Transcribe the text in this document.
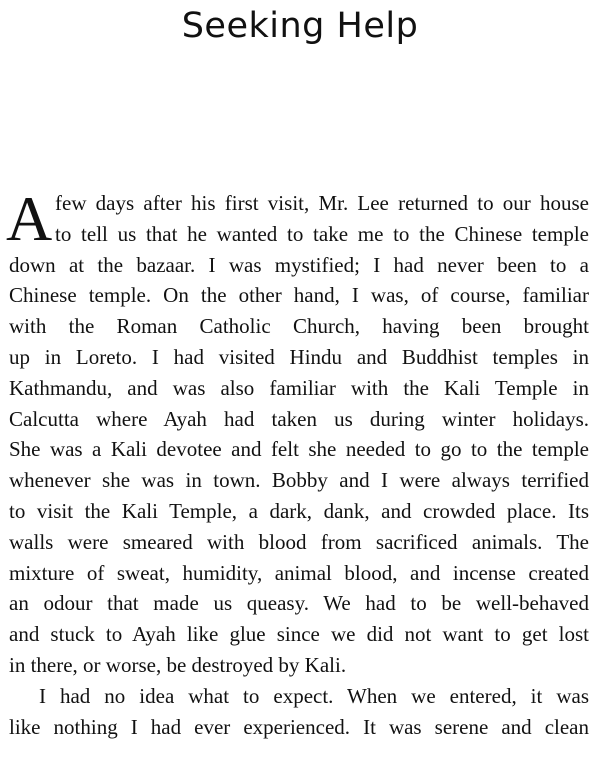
Seeking Help
A few days after his first visit, Mr. Lee returned to our house
to tell us that he wanted to take me to the Chinese temple
down at the bazaar. I was mystified; I had never been to a
Chinese temple. On the other hand, I was, of course, familiar
with the Roman Catholic Church, having been brought
up in Loreto. I had visited Hindu and Buddhist temples in
Kathmandu, and was also familiar with the Kali Temple in
Calcutta where Ayah had taken us during winter holidays.
She was a Kali devotee and felt she needed to go to the temple
whenever she was in town. Bobby and I were always terrified
to visit the Kali Temple, a dark, dank, and crowded place. Its
walls were smeared with blood from sacrificed animals. The
mixture of sweat, humidity, animal blood, and incense created
an odour that made us queasy. We had to be well-behaved
and stuck to Ayah like glue since we did not want to get lost
in there, or worse, be destroyed by Kali.
I had no idea what to expect. When we entered, it was
like nothing I had ever experienced. It was serene and clean
